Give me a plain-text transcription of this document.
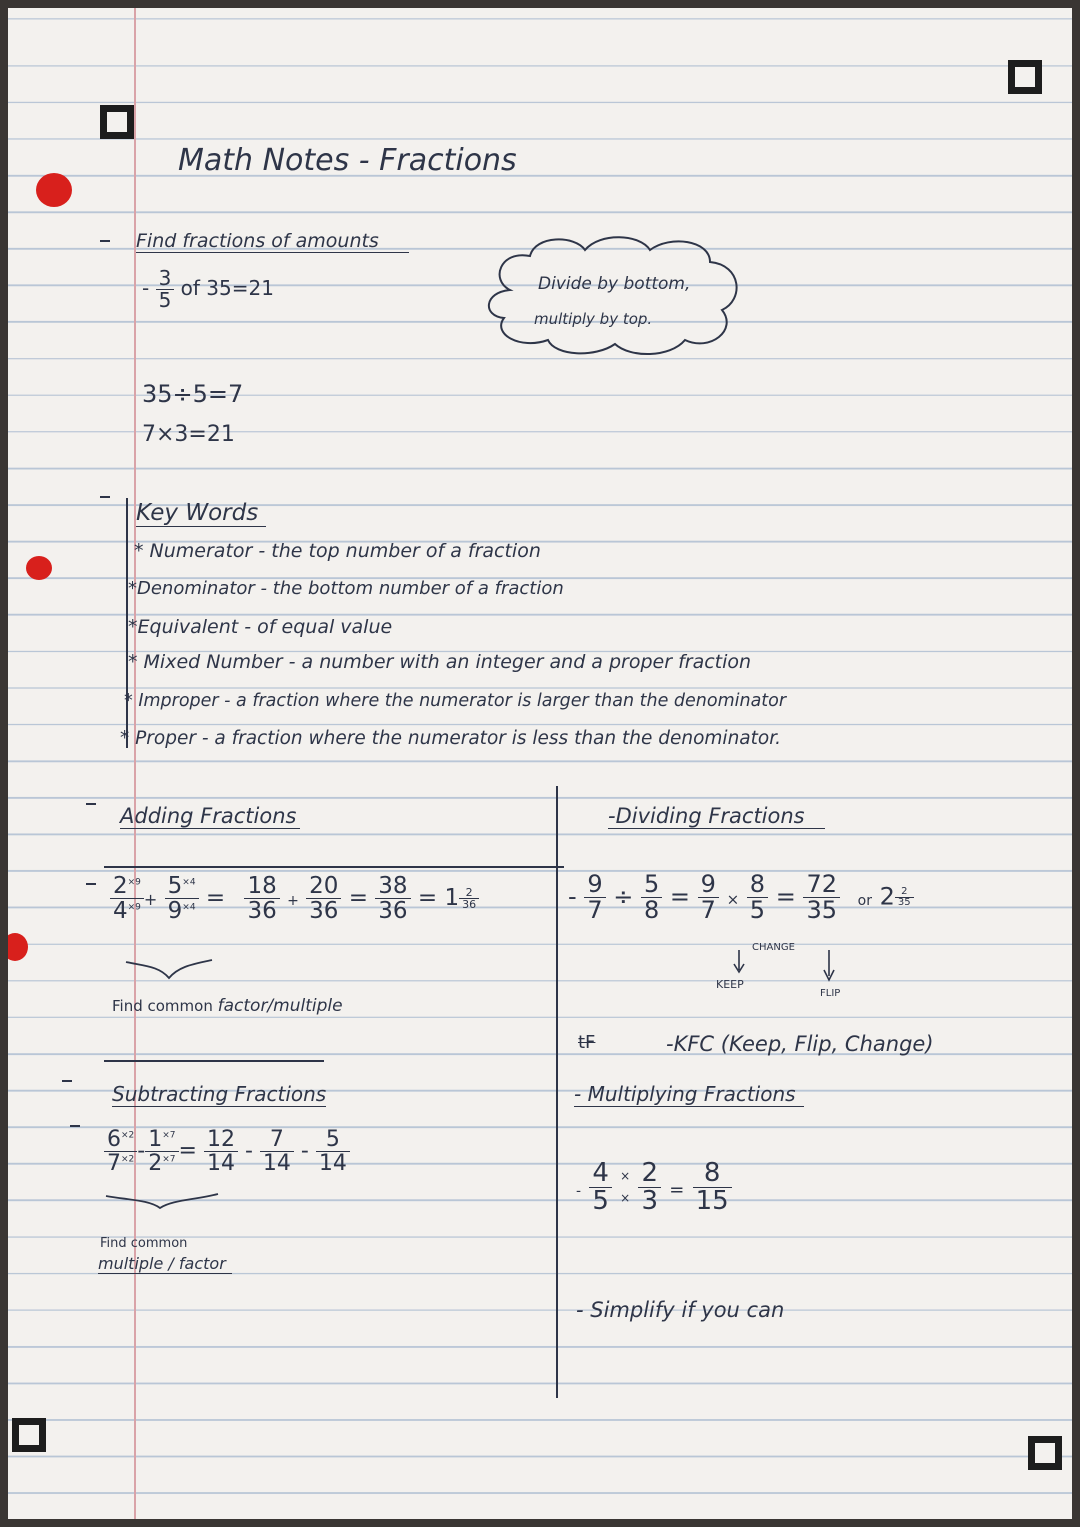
Math Notes - Fractions
Find fractions of amounts
- $\frac{3}{5}$ of 35=21
35÷5=7
7×3=21
Divide by bottom,
multiply by top.
Key Words
* Numerator - the top number of a fraction
*Denominator - the bottom number of a fraction
*Equivalent - of equal value
* Mixed Number - a number with an integer and a proper fraction
* Improper - a fraction where the numerator is larger than the denominator
* Proper - a fraction where the numerator is less than the denominator.
Adding Fractions
$\frac{2^{\times 9}}{4^{\times 9}} + \frac{5^{\times 4}}{9^{\times 4}} = \frac{18}{36} + \frac{20}{36} = \frac{38}{36} = 1 \frac{2}{36}$
Find common factor/multiple
Subtracting Fractions
$\frac{6^{\times 2}}{7^{\times 2}} - \frac{1^{\times 7}}{2^{\times 7}} = \frac{12}{14} - \frac{7}{14} - \frac{5}{14}$
Find common
multiple / factor
-Dividing Fractions
- $\frac{9}{7} \div \frac{5}{8} = \frac{9}{7} \times \frac{8}{5} = \frac{72}{35}$ or $2 \frac{2}{35}$
CHANGE
KEEP
FLIP
tF	-KFC (Keep, Flip, Change)
- Multiplying Fractions
- $\frac{4}{5}$ ×
× $\frac{2}{3} = \frac{8}{15}$
- Simplify if you can
